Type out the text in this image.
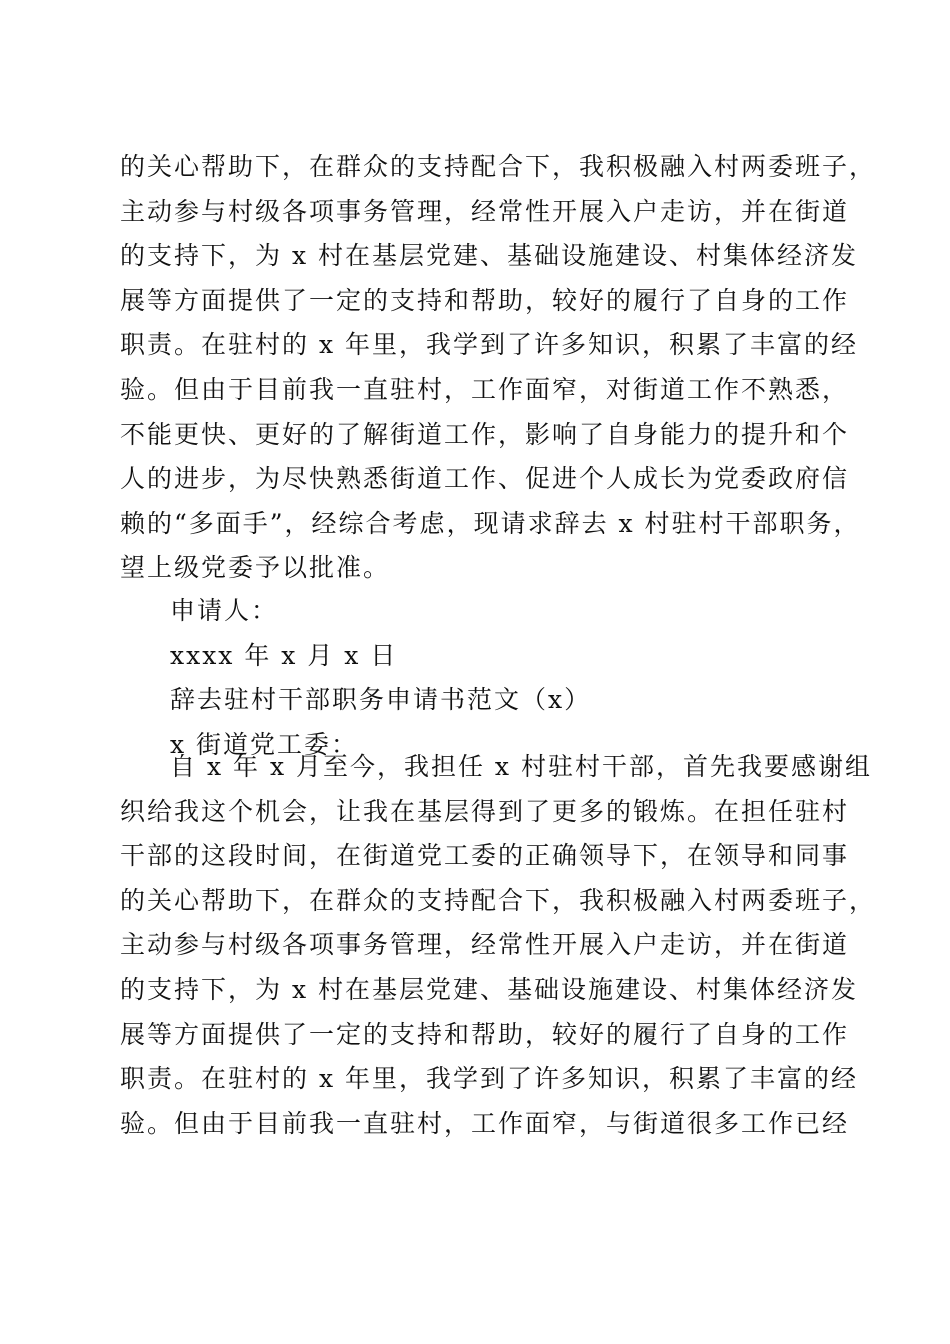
的关心帮助下，在群众的支持配合下，我积极融入村两委班子，
主动参与村级各项事务管理，经常性开展入户走访，并在街道
的支持下，为 x 村在基层党建、基础设施建设、村集体经济发
展等方面提供了一定的支持和帮助，较好的履行了自身的工作
职责。在驻村的 x 年里，我学到了许多知识，积累了丰富的经
验。但由于目前我一直驻村，工作面窄，对街道工作不熟悉，
不能更快、更好的了解街道工作，影响了自身能力的提升和个
人的进步，为尽快熟悉街道工作、促进个人成长为党委政府信
赖的“多面手”，经综合考虑，现请求辞去 x 村驻村干部职务，
望上级党委予以批准。

申请人：

xxxx 年 x 月 x 日

辞去驻村干部职务申请书范文（x）

x 街道党工委：

自 x 年 x 月至今，我担任 x 村驻村干部，首先我要感谢组
织给我这个机会，让我在基层得到了更多的锻炼。在担任驻村
干部的这段时间，在街道党工委的正确领导下，在领导和同事
的关心帮助下，在群众的支持配合下，我积极融入村两委班子，
主动参与村级各项事务管理，经常性开展入户走访，并在街道
的支持下，为 x 村在基层党建、基础设施建设、村集体经济发
展等方面提供了一定的支持和帮助，较好的履行了自身的工作
职责。在驻村的 x 年里，我学到了许多知识，积累了丰富的经
验。但由于目前我一直驻村，工作面窄，与街道很多工作已经
